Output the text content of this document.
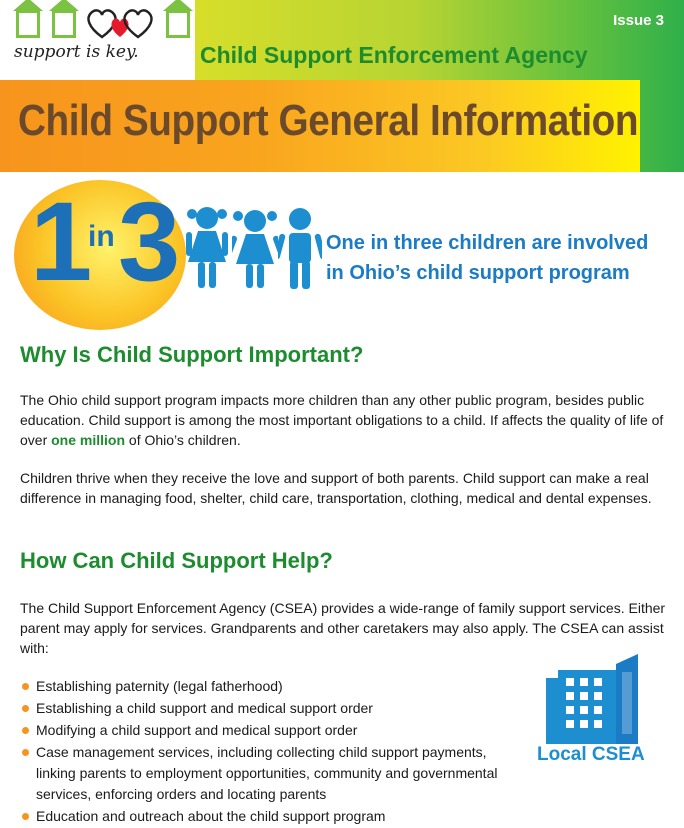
support is key.
Issue 3
Child Support Enforcement Agency
Child Support General Information
1 in 3	One in three children are involved
in Ohio’s child support program
Why Is Child Support Important?

The Ohio child support program impacts more children than any other public program, besides public education. Child support is among the most important obligations to a child. If affects the quality of life of over one million of Ohio’s children.

Children thrive when they receive the love and support of both parents. Child support can make a real difference in managing food, shelter, child care, transportation, clothing, medical and dental expenses.

How Can Child Support Help?

The Child Support Enforcement Agency (CSEA) provides a wide-range of family support services. Either parent may apply for services. Grandparents and other caretakers may also apply. The CSEA can assist with:

Establishing paternity (legal fatherhood)
Establishing a child support and medical support order
Modifying a child support and medical support order
Case management services, including collecting child support payments, linking parents to employment opportunities, community and governmental services, enforcing orders and locating parents
Education and outreach about the child support program
Local CSEA
